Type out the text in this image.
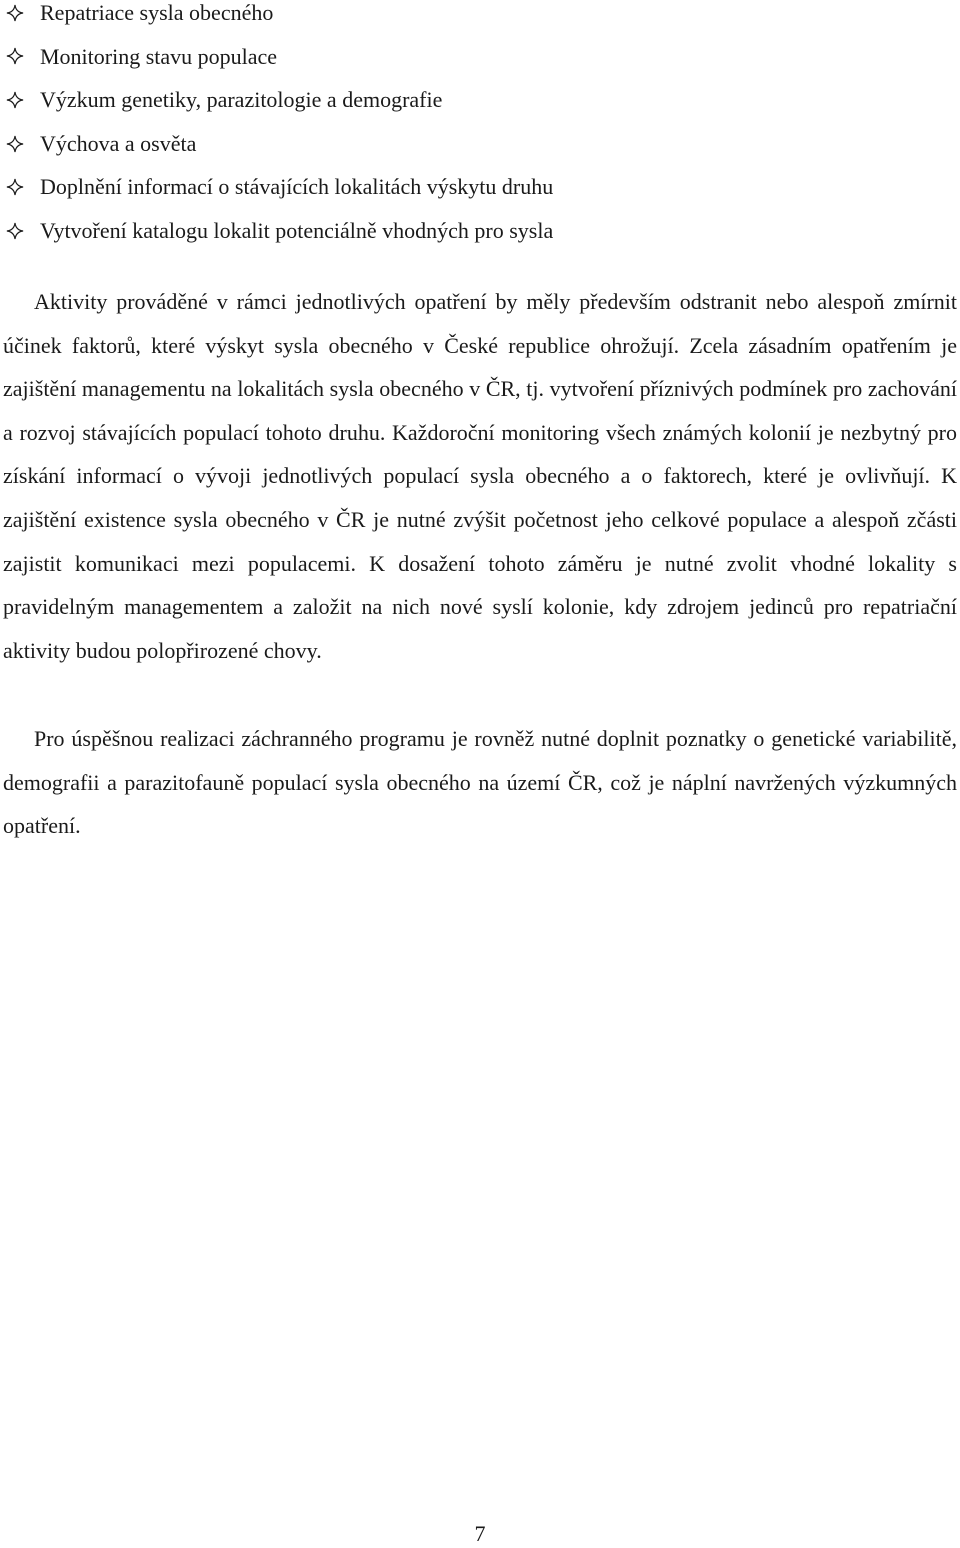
Repatriace sysla obecného
Monitoring stavu populace
Výzkum genetiky, parazitologie a demografie
Výchova a osvěta
Doplnění informací o stávajících lokalitách výskytu druhu
Vytvoření katalogu lokalit potenciálně vhodných pro sysla

Aktivity prováděné v rámci jednotlivých opatření by měly především odstranit nebo alespoň zmírnit účinek faktorů, které výskyt sysla obecného v České republice ohrožují. Zcela zásadním opatřením je zajištění managementu na lokalitách sysla obecného v ČR, tj. vytvoření příznivých podmínek pro zachování a rozvoj stávajících populací tohoto druhu. Každoroční monitoring všech známých kolonií je nezbytný pro získání informací o vývoji jednotlivých populací sysla obecného a o faktorech, které je ovlivňují. K zajištění existence sysla obecného v ČR je nutné zvýšit početnost jeho celkové populace a alespoň zčásti zajistit komunikaci mezi populacemi. K dosažení tohoto záměru je nutné zvolit vhodné lokality s pravidelným managementem a založit na nich nové syslí kolonie, kdy zdrojem jedinců pro repatriační aktivity budou polopřirozené chovy.

Pro úspěšnou realizaci záchranného programu je rovněž nutné doplnit poznatky o genetické variabilitě, demografii a parazitofauně populací sysla obecného na území ČR, což je náplní navržených výzkumných opatření.

7
